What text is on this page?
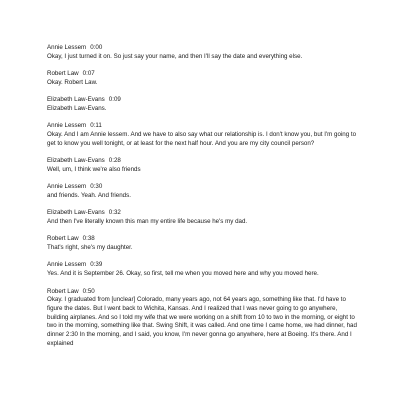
Annie Lessem 0:00

Okay, I just turned it on. So just say your name, and then I'll say the date and everything else.

Robert Law 0:07

Okay. Robert Law.

Elizabeth Law-Evans 0:09

Elizabeth Law-Evans.

Annie Lessem 0:11

Okay. And I am Annie lessem. And we have to also say what our relationship is. I don't know you, but I'm going to get to know you well tonight, or at least for the next half hour. And you are my city council person?

Elizabeth Law-Evans 0:28

Well, um, I think we're also friends

Annie Lessem 0:30

and friends. Yeah. And friends.

Elizabeth Law-Evans 0:32

And then I've literally known this man my entire life because he's my dad.

Robert Law 0:38

That's right, she's my daughter.

Annie Lessem 0:39

Yes. And it is September 26. Okay, so first, tell me when you moved here and why you moved here.

Robert Law 0:50

Okay. I graduated from [unclear] Colorado, many years ago, not 64 years ago, something like that. I'd have to figure the dates. But I went back to Wichita, Kansas. And I realized that I was never going to go anywhere, building airplanes. And so I told my wife that we were working on a shift from 10 to two in the morning, or eight to two in the morning, something like that. Swing Shift, it was called. And one time I came home, we had dinner, had dinner 2:30 In the morning, and I said, you know, I'm never gonna go anywhere, here at Boeing. It's there. And I explained
